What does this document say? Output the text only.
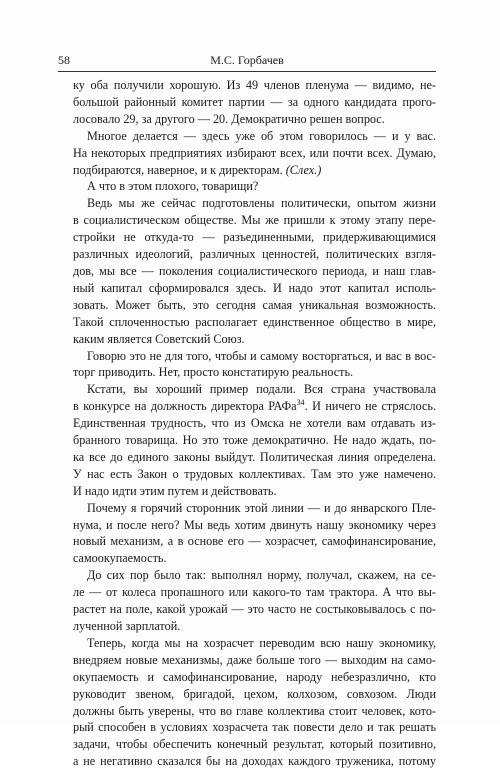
58	М.С. Горбачев

ку оба получили хорошую. Из 49 членов пленума — видимо, не-
большой районный комитет партии — за одного кандидата прого-
лосовало 29, за другого — 20. Демократично решен вопрос.

Многое делается — здесь уже об этом говорилось — и у вас.
На некоторых предприятиях избирают всех, или почти всех. Думаю,
подбираются, наверное, и к директорам. (Слех.)

А что в этом плохого, товарищи?

Ведь мы же сейчас подготовлены политически, опытом жизни
в социалистическом обществе. Мы же пришли к этому этапу пере-
стройки не откуда-то — разъединенными, придерживающимися
различных идеологий, различных ценностей, политических взгля-
дов, мы все — поколения социалистического периода, и наш глав-
ный капитал сформировался здесь. И надо этот капитал исполь-
зовать. Может быть, это сегодня самая уникальная возможность.
Такой сплоченностью располагает единственное общество в мире,
каким является Советский Союз.

Говорю это не для того, чтобы и самому восторгаться, и вас в вос-
торг приводить. Нет, просто констатирую реальность.

Кстати, вы хороший пример подали. Вся страна участвовала
в конкурсе на должность директора РАФа$^{34}$. И ничего не стряслось.
Единственная трудность, что из Омска не хотели вам отдавать из-
бранного товарища. Но это тоже демократично. Не надо ждать, по-
ка все до единого законы выйдут. Политическая линия определена.
У нас есть Закон о трудовых коллективах. Там это уже намечено.
И надо идти этим путем и действовать.

Почему я горячий сторонник этой линии — и до январского Пле-
нума, и после него? Мы ведь хотим двинуть нашу экономику через
новый механизм, а в основе его — хозрасчет, самофинансирование,
самоокупаемость.

До сих пор было так: выполнял норму, получал, скажем, на се-
ле — от колеса пропашного или какого-то там трактора. А что вы-
растет на поле, какой урожай — это часто не состыковывалось с по-
лученной зарплатой.

Теперь, когда мы на хозрасчет переводим всю нашу экономику,
внедряем новые механизмы, даже больше того — выходим на само-
окупаемость и самофинансирование, народу небезразлично, кто
руководит звеном, бригадой, цехом, колхозом, совхозом. Люди
должны быть уверены, что во главе коллектива стоит человек, кото-
рый способен в условиях хозрасчета так повести дело и так решать
задачи, чтобы обеспечить конечный результат, который позитивно,
а не негативно сказался бы на доходах каждого труженика, потому
